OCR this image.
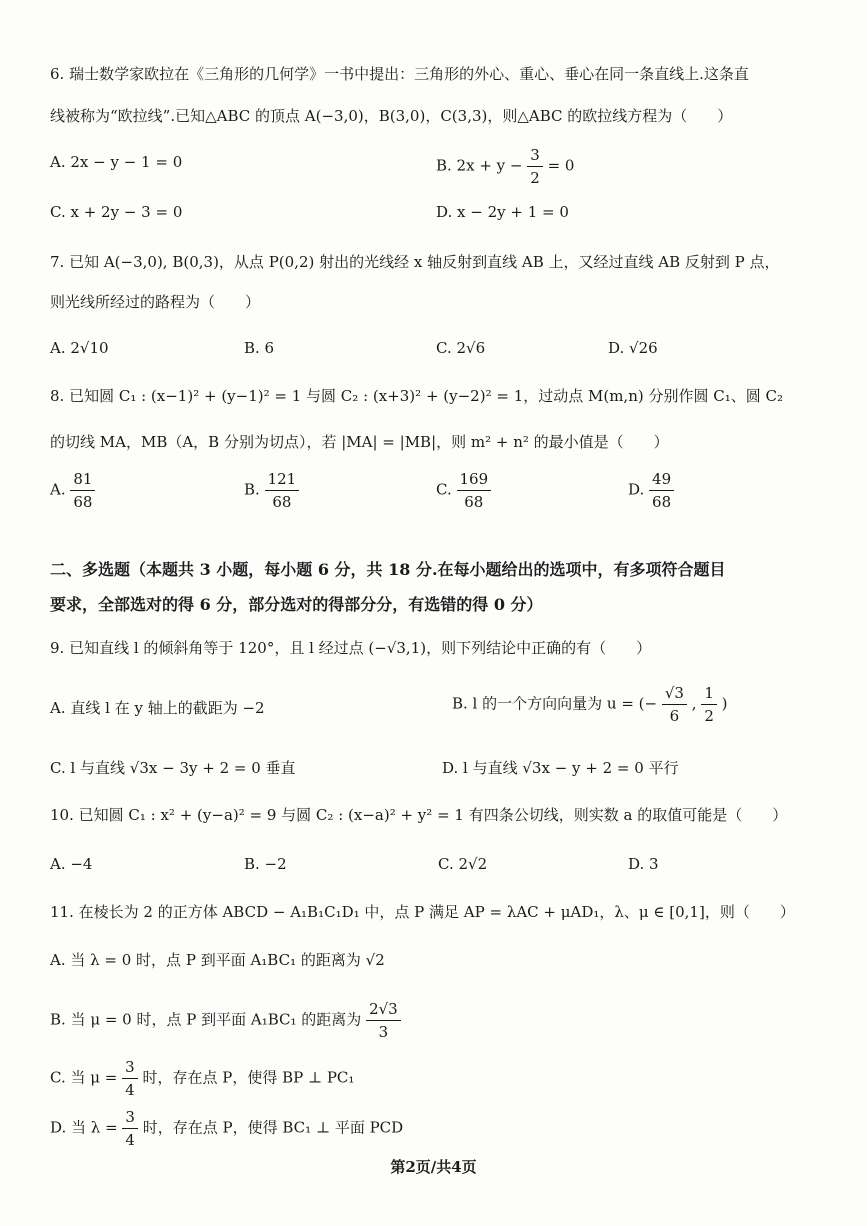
6. 瑞士数学家欧拉在《三角形的几何学》一书中提出：三角形的外心、重心、垂心在同一条直线上.这条直
线被称为“欧拉线”.已知△ABC 的顶点 A(−3,0)，B(3,0)，C(3,3)，则△ABC 的欧拉线方程为（　　）
A. 2x − y − 1 = 0	B. $2x + y - \frac{3}{2} = 0$
C. x + 2y − 3 = 0	D. x − 2y + 1 = 0
7. 已知 A(−3,0), B(0,3)，从点 P(0,2) 射出的光线经 x 轴反射到直线 AB 上，又经过直线 AB 反射到 P 点，
则光线所经过的路程为（　　）
A. 2√10	B. 6	C. 2√6	D. √26
8. 已知圆 C₁ : (x−1)² + (y−1)² = 1 与圆 C₂ : (x+3)² + (y−2)² = 1，过动点 M(m,n) 分别作圆 C₁、圆 C₂
的切线 MA，MB（A，B 分别为切点），若 |MA| = |MB|，则 m² + n² 的最小值是（　　）
A. $\frac{81}{68}$	B. $\frac{121}{68}$	C. $\frac{169}{68}$	D. $\frac{49}{68}$
二、多选题（本题共 3 小题，每小题 6 分，共 18 分.在每小题给出的选项中，有多项符合题目
要求，全部选对的得 6 分，部分选对的得部分分，有选错的得 0 分）
9. 已知直线 l 的倾斜角等于 120°，且 l 经过点 (−√3,1)，则下列结论中正确的有（　　）
A. 直线 l 在 y 轴上的截距为 −2	B. l 的一个方向向量为 u = (− $\frac{√3}{6}$ , $\frac{1}{2}$ )
C. l 与直线 √3x − 3y + 2 = 0 垂直	D. l 与直线 √3x − y + 2 = 0 平行
10. 已知圆 C₁ : x² + (y−a)² = 9 与圆 C₂ : (x−a)² + y² = 1 有四条公切线，则实数 a 的取值可能是（　　）
A. −4	B. −2	C. 2√2	D. 3
11. 在棱长为 2 的正方体 ABCD − A₁B₁C₁D₁ 中，点 P 满足 AP = λAC + μAD₁，λ、μ ∈ [0,1]，则（　　）
A. 当 λ = 0 时，点 P 到平面 A₁BC₁ 的距离为 √2
B. 当 μ = 0 时，点 P 到平面 A₁BC₁ 的距离为 $\frac{2√3}{3}$
C. 当 $\mu = \frac{3}{4}$ 时，存在点 P，使得 BP ⊥ PC₁
D. 当 $\lambda = \frac{3}{4}$ 时，存在点 P，使得 BC₁ ⊥ 平面 PCD
第2页/共4页
